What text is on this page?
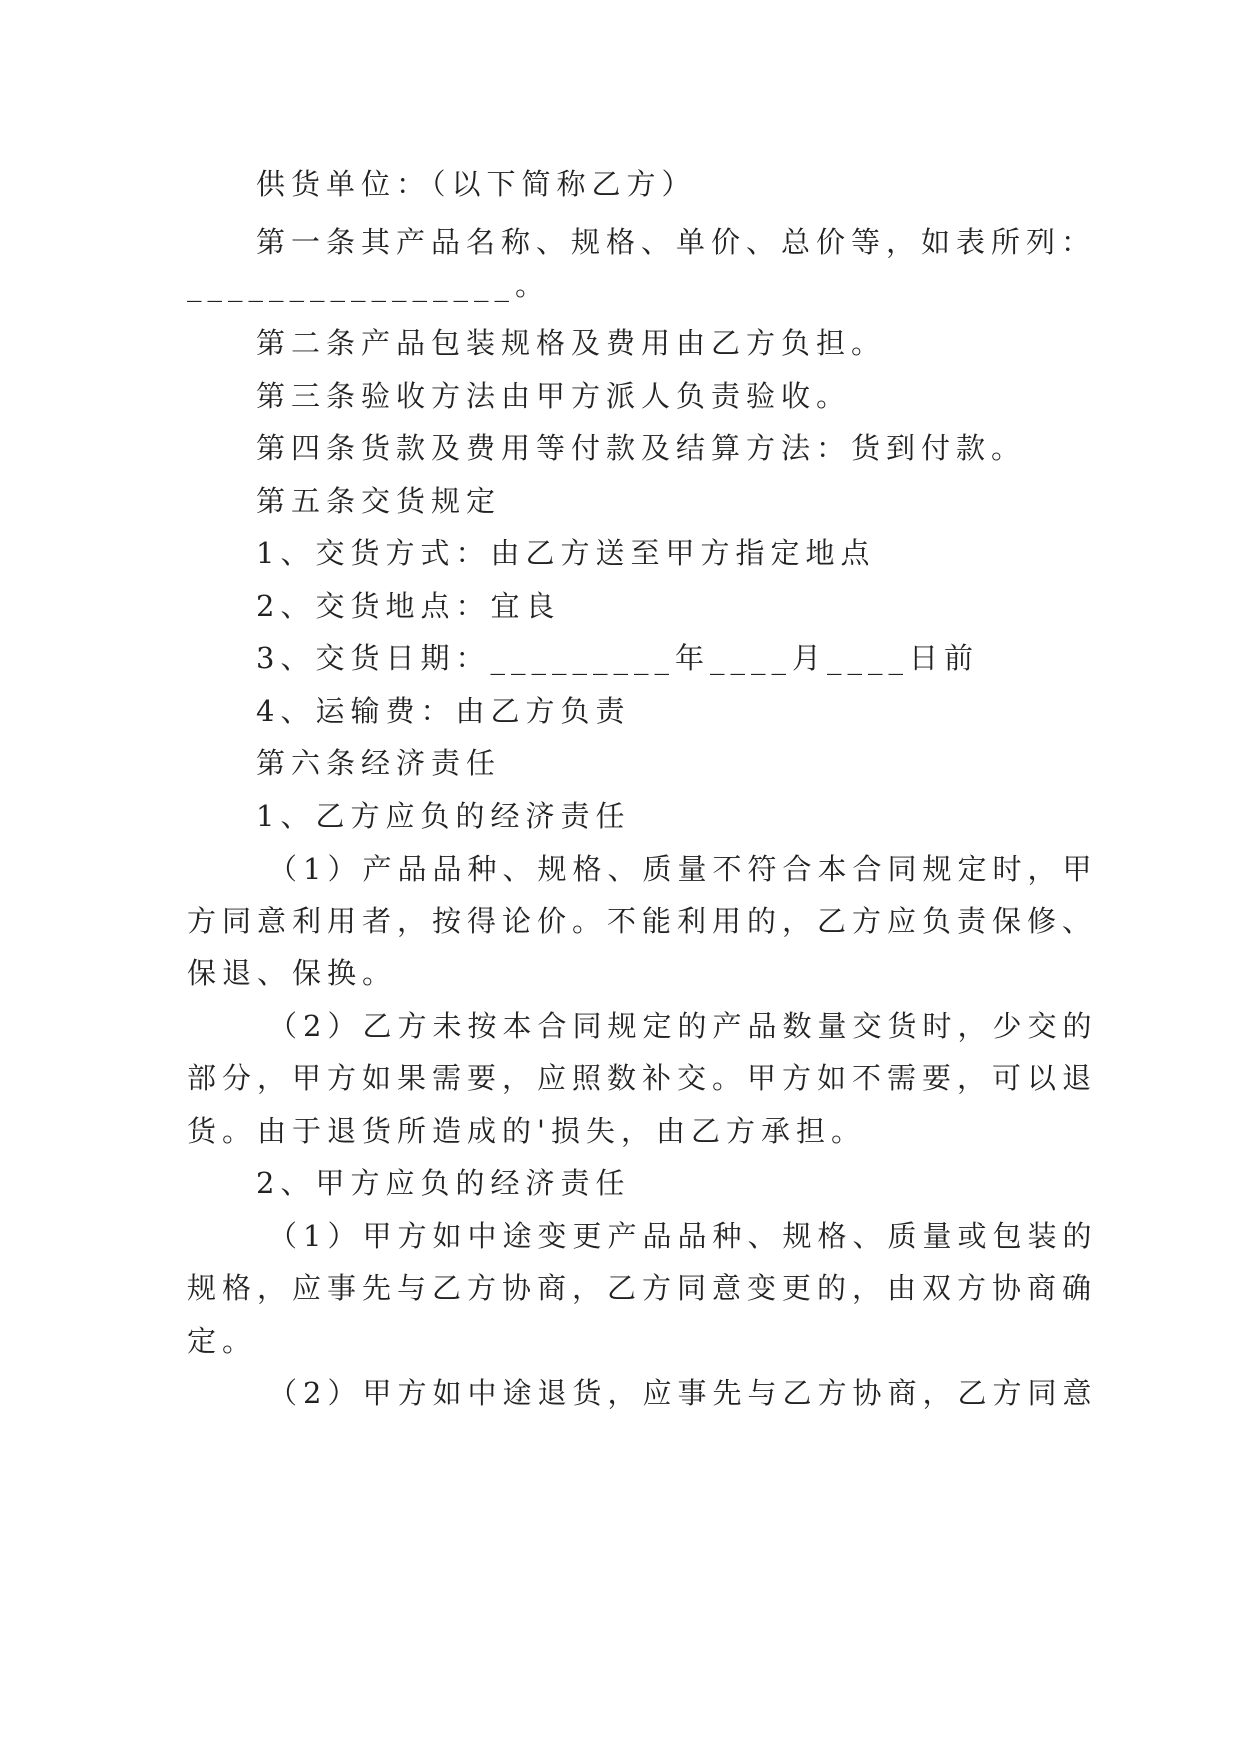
供货单位：（以下简称乙方）
第一条其产品名称、规格、单价、总价等，如表所列：
________________。
第二条产品包装规格及费用由乙方负担。
第三条验收方法由甲方派人负责验收。
第四条货款及费用等付款及结算方法：货到付款。
第五条交货规定
1、交货方式：由乙方送至甲方指定地点
2、交货地点：宜良
3、交货日期：_________年____月____日前
4、运输费：由乙方负责
第六条经济责任
1、乙方应负的经济责任
（1）产品品种、规格、质量不符合本合同规定时，甲
方同意利用者，按得论价。不能利用的，乙方应负责保修、
保退、保换。
（2）乙方未按本合同规定的产品数量交货时，少交的
部分，甲方如果需要，应照数补交。甲方如不需要，可以退
货。由于退货所造成的'损失，由乙方承担。
2、甲方应负的经济责任
（1）甲方如中途变更产品品种、规格、质量或包装的
规格，应事先与乙方协商，乙方同意变更的，由双方协商确
定。
（2）甲方如中途退货，应事先与乙方协商，乙方同意
